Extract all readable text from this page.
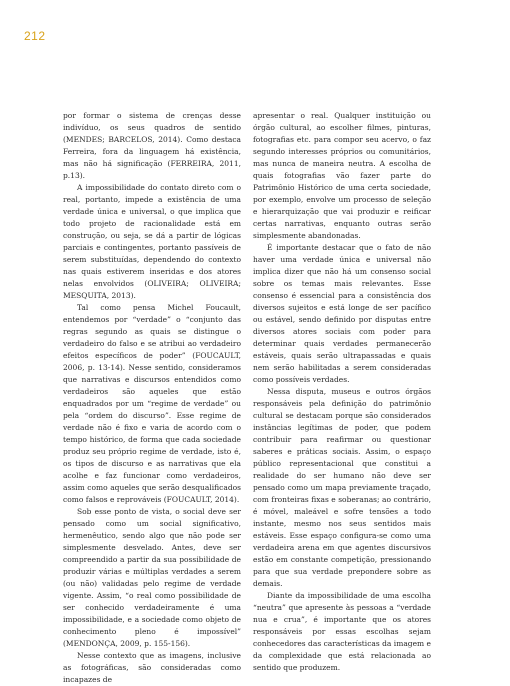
212

por formar o sistema de crenças desse indivíduo, os seus quadros de sentido (MENDES; BARCELOS, 2014). Como destaca Ferreira, fora da linguagem há existência, mas não há significação (FERREIRA, 2011, p.13).

A impossibilidade do contato direto com o real, portanto, impede a existência de uma verdade única e universal, o que implica que todo projeto de racionalidade está em construção, ou seja, se dá a partir de lógicas parciais e contingentes, portanto passíveis de serem substituídas, dependendo do contexto nas quais estiverem inseridas e dos atores nelas envolvidos (OLIVEIRA; OLIVEIRA; MESQUITA, 2013).

Tal como pensa Michel Foucault, entendemos por “verdade” o “conjunto das regras segundo as quais se distingue o verdadeiro do falso e se atribui ao verdadeiro efeitos específicos de poder” (FOUCAULT, 2006, p. 13-14). Nesse sentido, consideramos que narrativas e discursos entendidos como verdadeiros são aqueles que estão enquadrados por um “regime de verdade” ou pela “ordem do discurso”. Esse regime de verdade não é fixo e varia de acordo com o tempo histórico, de forma que cada sociedade produz seu próprio regime de verdade, isto é, os tipos de discurso e as narrativas que ela acolhe e faz funcionar como verdadeiros, assim como aqueles que serão desqualificados como falsos e reprováveis (FOUCAULT, 2014).

Sob esse ponto de vista, o social deve ser pensado como um social significativo, hermenêutico, sendo algo que não pode ser simplesmente desvelado. Antes, deve ser compreendido a partir da sua possibilidade de produzir várias e múltiplas verdades a serem (ou não) validadas pelo regime de verdade vigente. Assim, “o real como possibilidade de ser conhecido verdadeiramente é uma impossibilidade, e a sociedade como objeto de conhecimento pleno é impossível” (MENDONÇA, 2009, p. 155-156).

Nesse contexto que as imagens, inclusive as fotográficas, são consideradas como incapazes de

apresentar o real. Qualquer instituição ou órgão cultural, ao escolher filmes, pinturas, fotografias etc. para compor seu acervo, o faz segundo interesses próprios ou comunitários, mas nunca de maneira neutra. A escolha de quais fotografias vão fazer parte do Patrimônio Histórico de uma certa sociedade, por exemplo, envolve um processo de seleção e hierarquização que vai produzir e reificar certas narrativas, enquanto outras serão simplesmente abandonadas.

É importante destacar que o fato de não haver uma verdade única e universal não implica dizer que não há um consenso social sobre os temas mais relevantes. Esse consenso é essencial para a consistência dos diversos sujeitos e está longe de ser pacífico ou estável, sendo definido por disputas entre diversos atores sociais com poder para determinar quais verdades permanecerão estáveis, quais serão ultrapassadas e quais nem serão habilitadas a serem consideradas como possíveis verdades.

Nessa disputa, museus e outros órgãos responsáveis pela definição do patrimônio cultural se destacam porque são considerados instâncias legítimas de poder, que podem contribuir para reafirmar ou questionar saberes e práticas sociais. Assim, o espaço público representacional que constitui a realidade do ser humano não deve ser pensado como um mapa previamente traçado, com fronteiras fixas e soberanas; ao contrário, é móvel, maleável e sofre tensões a todo instante, mesmo nos seus sentidos mais estáveis. Esse espaço configura-se como uma verdadeira arena em que agentes discursivos estão em constante competição, pressionando para que sua verdade preponderе sobre as demais.

Diante da impossibilidade de uma escolha “neutra” que apresente às pessoas a “verdade nua e crua”, é importante que os atores responsáveis por essas escolhas sejam conhecedores das características da imagem e da complexidade que está relacionada ao sentido que produzem.
